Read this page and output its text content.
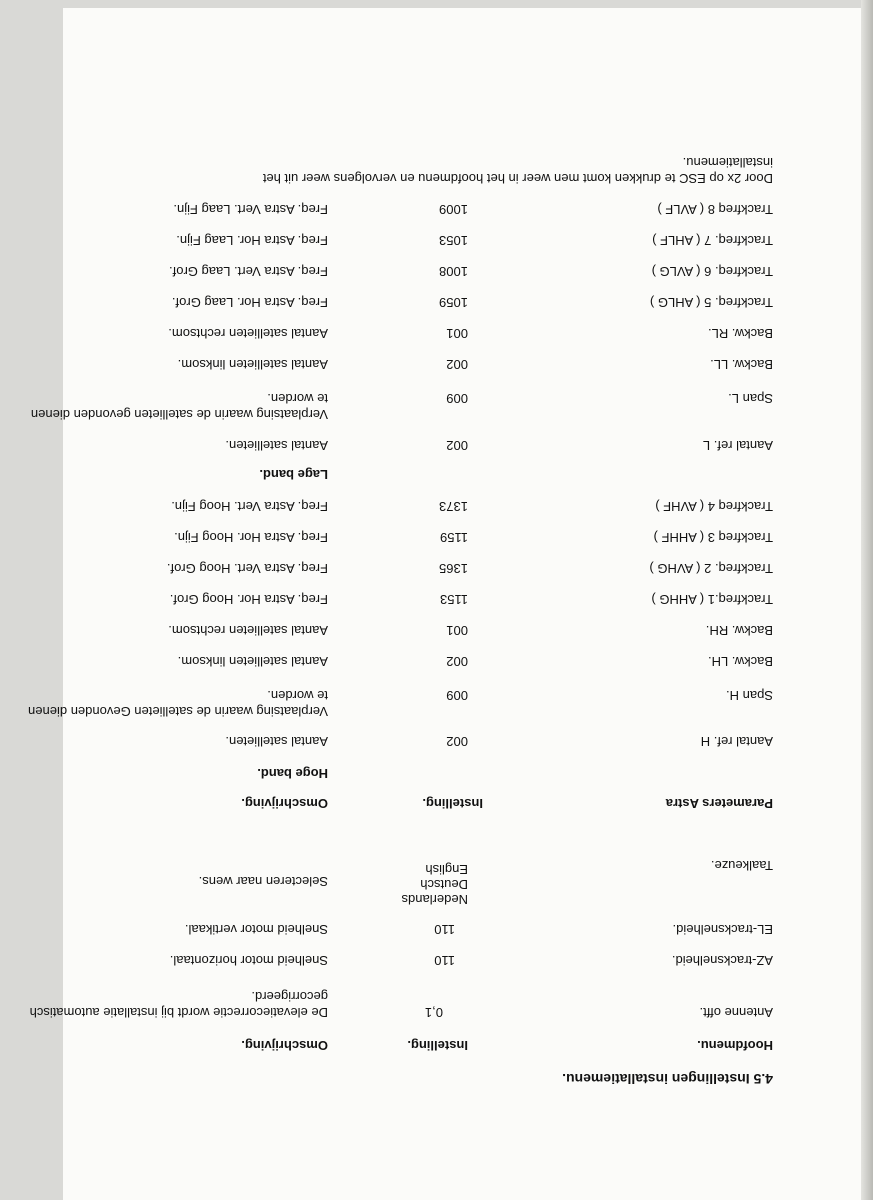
4.5 Instellingen installatiemenu.
Hoofdmenu.
Instelling.
Omschrijving.
Antenne offt.
0,1
De elevatiecorrectie wordt bij installatie automatisch gecorrigeerd.
AZ-tracksnelheid.
110
Snelheid motor horizontaal.
EL-tracksnelheid.
110
Snelheid motor vertikaal.
Taalkeuze.
Nederlands
Deutsch
English
Selecteren naar wens.
Parameters Astra
Instelling.
Omschrijving.
Hoge band.
Aantal ref. H
002
Aantal satellieten.
Span H.
009
Verplaatsing waarin de satellieten Gevonden dienen te worden.
Backw. LH.
002
Aantal satellieten linksom.
Backw. RH.
001
Aantal satellieten rechtsom.
Trackfreq.1 ( AHHG )
1153
Freq. Astra Hor. Hoog Grof.
Trackfreq. 2 ( AVHG )
1365
Freq. Astra Vert. Hoog Grof.
Trackfreq 3 ( AHHF )
1159
Freq. Astra Hor. Hoog Fijn.
Trackfreq 4 ( AVHF )
1373
Freq. Astra Vert. Hoog Fijn.
Lage band.
Aantal ref. L
002
Aantal satellieten.
Span L.
009
Verplaatsing waarin de satellieten gevonden dienen te worden.
Backw. LL.
002
Aantal satellieten linksom.
Backw. RL.
001
Aantal satellieten rechtsom.
Trackfreq. 5 ( AHLG )
1059
Freq. Astra Hor. Laag Grof.
Trackfreq. 6 ( AVLG )
1008
Freq. Astra Vert. Laag Grof.
Trackfreq. 7 ( AHLF )
1053
Freq. Astra Hor. Laag Fijn.
Trackfreq 8 ( AVLF )
1009
Freq. Astra Vert. Laag Fijn.
Door 2x op ESC te drukken komt men weer in het hoofdmenu en vervolgens weer uit het installatiemenu.
